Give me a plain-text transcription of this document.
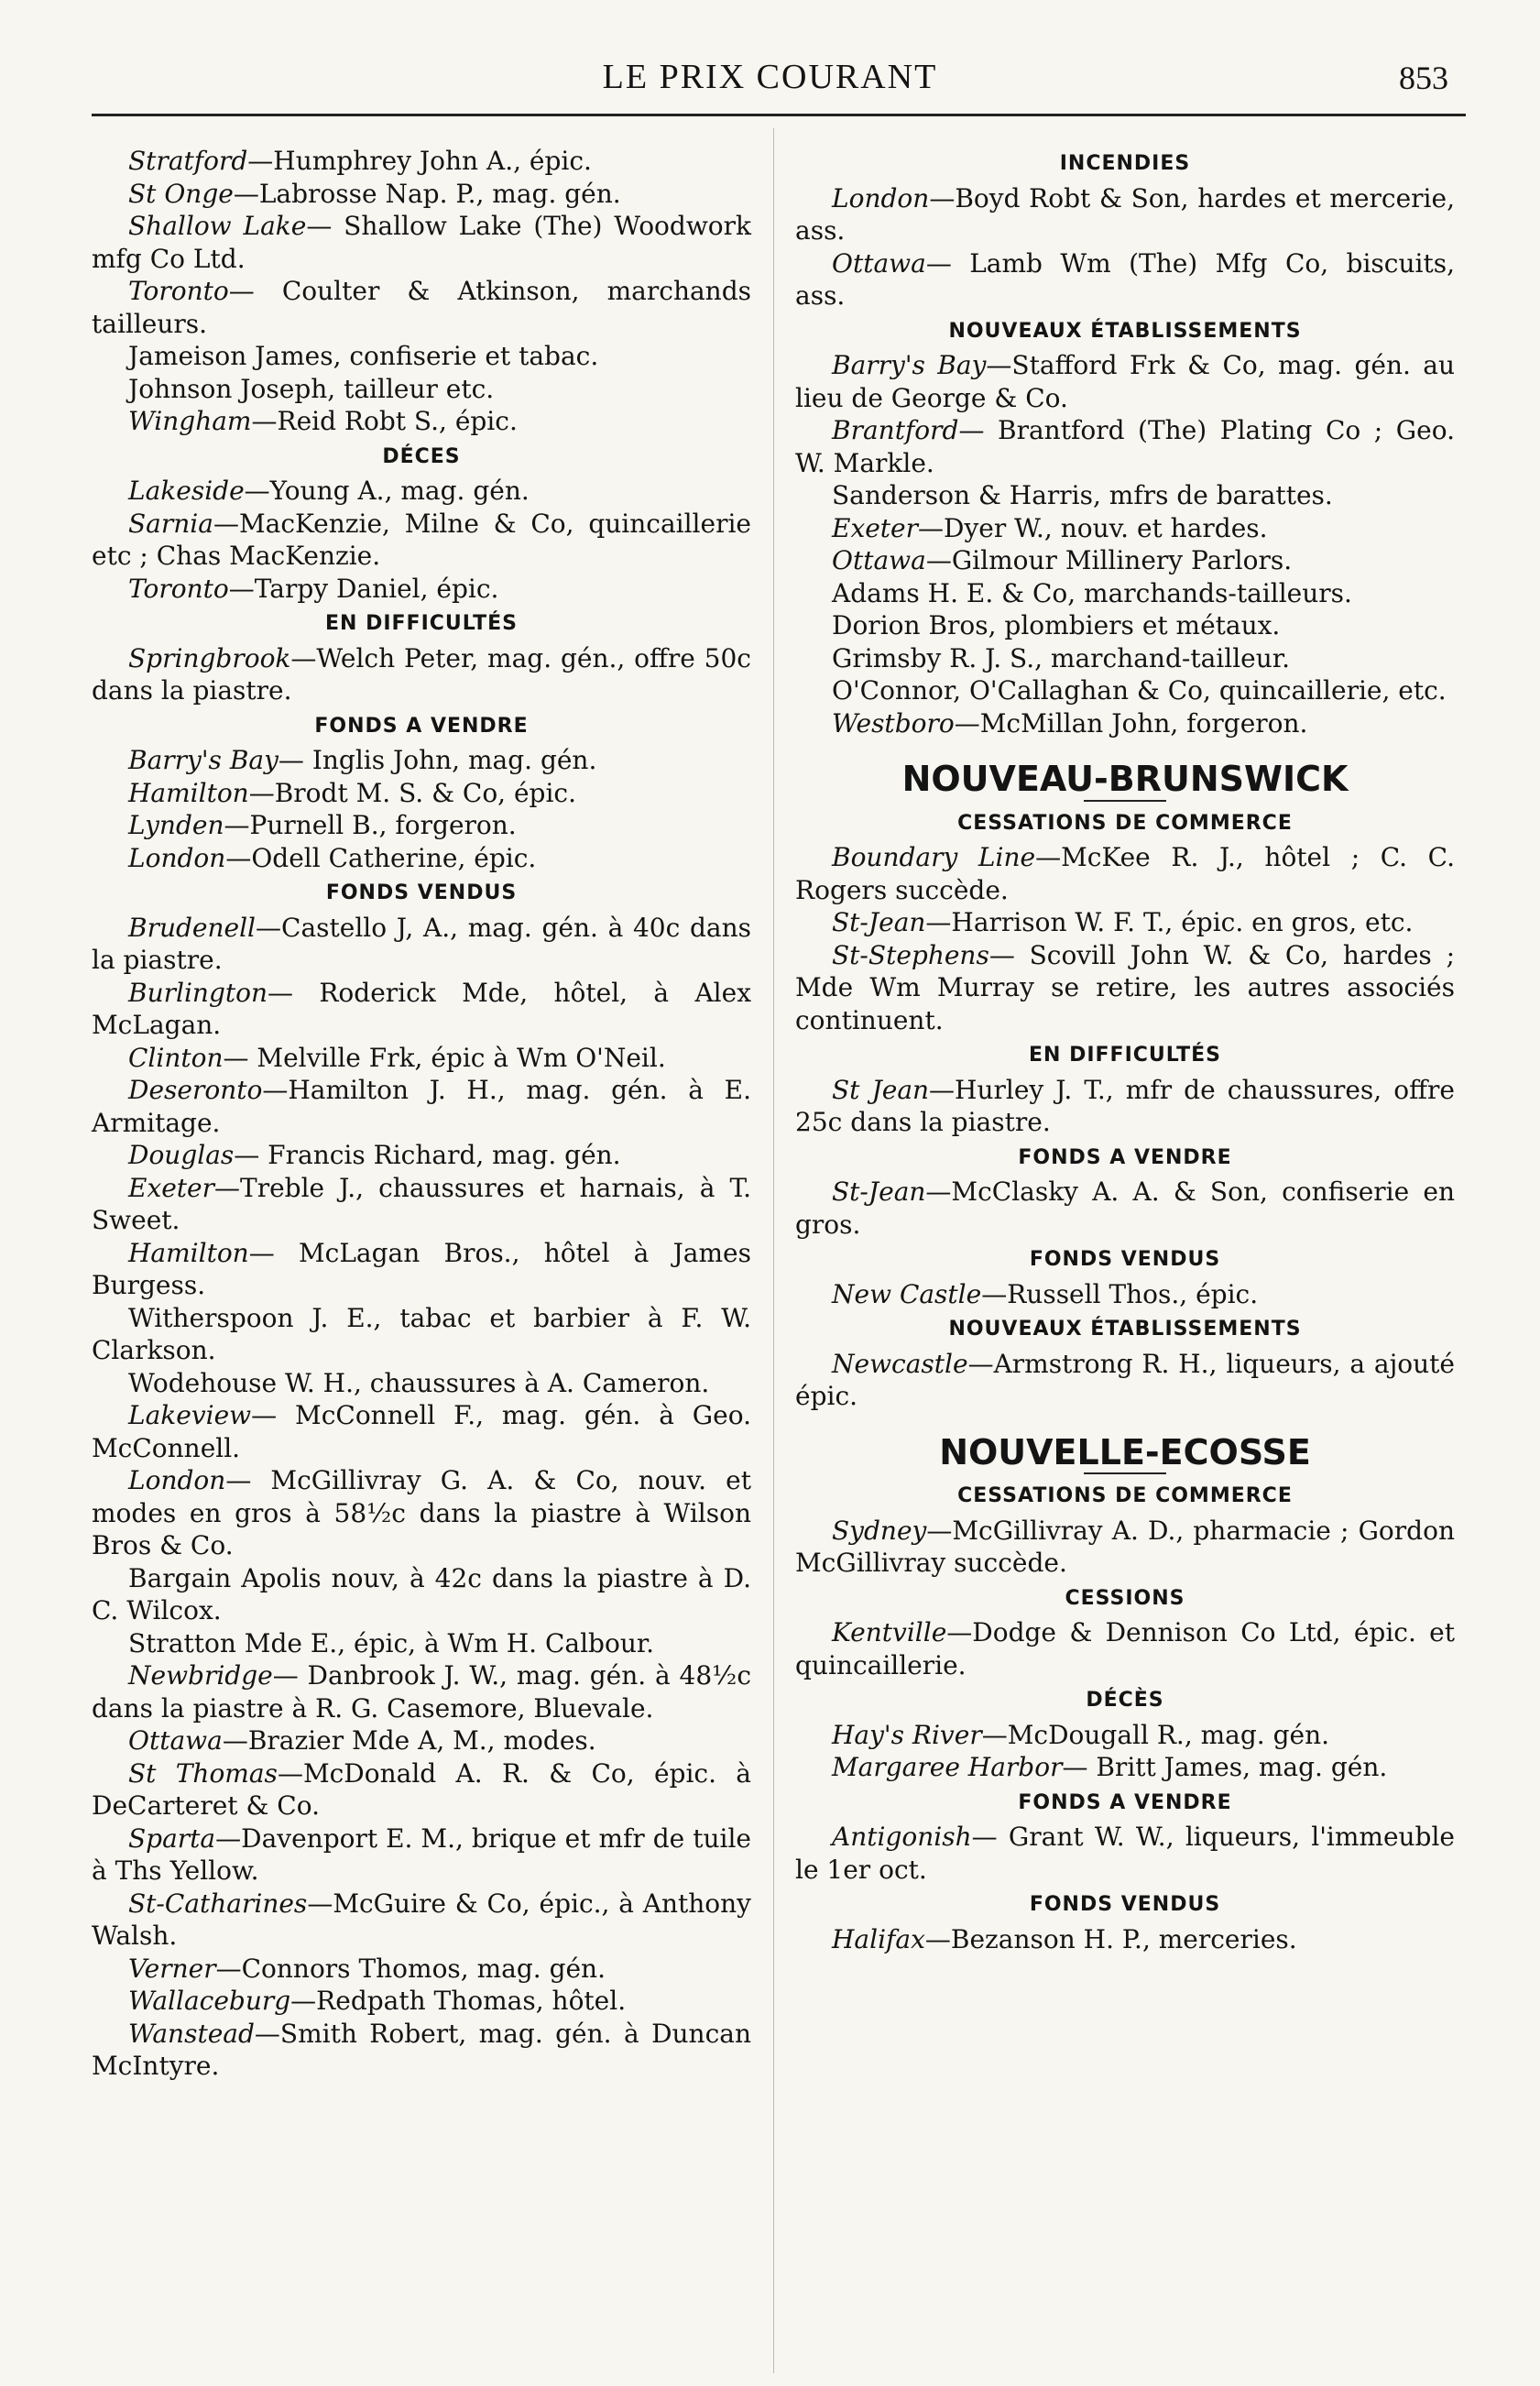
LE PRIX COURANT	853

Stratford—Humphrey John A., épic.

St Onge—Labrosse Nap. P., mag. gén.

Shallow Lake— Shallow Lake (The) Woodwork mfg Co Ltd.

Toronto— Coulter & Atkinson, marchands tailleurs.

Jameison James, confiserie et tabac.

Johnson Joseph, tailleur etc.

Wingham—Reid Robt S., épic.

DÉCES

Lakeside—Young A., mag. gén.

Sarnia—MacKenzie, Milne & Co, quincaillerie etc ; Chas MacKenzie.

Toronto—Tarpy Daniel, épic.

EN DIFFICULTÉS

Springbrook—Welch Peter, mag. gén., offre 50c dans la piastre.

FONDS A VENDRE

Barry's Bay— Inglis John, mag. gén.

Hamilton—Brodt M. S. & Co, épic.

Lynden—Purnell B., forgeron.

London—Odell Catherine, épic.

FONDS VENDUS

Brudenell—Castello J, A., mag. gén. à 40c dans la piastre.

Burlington— Roderick Mde, hôtel, à Alex McLagan.

Clinton— Melville Frk, épic à Wm O'Neil.

Deseronto—Hamilton J. H., mag. gén. à E. Armitage.

Douglas— Francis Richard, mag. gén.

Exeter—Treble J., chaussures et harnais, à T. Sweet.

Hamilton— McLagan Bros., hôtel à James Burgess.

Witherspoon J. E., tabac et barbier à F. W. Clarkson.

Wodehouse W. H., chaussures à A. Cameron.

Lakeview— McConnell F., mag. gén. à Geo. McConnell.

London— McGillivray G. A. & Co, nouv. et modes en gros à 58½c dans la piastre à Wilson Bros & Co.

Bargain Apolis nouv, à 42c dans la piastre à D. C. Wilcox.

Stratton Mde E., épic, à Wm H. Calbour.

Newbridge— Danbrook J. W., mag. gén. à 48½c dans la piastre à R. G. Casemore, Bluevale.

Ottawa—Brazier Mde A, M., modes.

St Thomas—McDonald A. R. & Co, épic. à DeCarteret & Co.

Sparta—Davenport E. M., brique et mfr de tuile à Ths Yellow.

St-Catharines—McGuire & Co, épic., à Anthony Walsh.

Verner—Connors Thomos, mag. gén.

Wallaceburg—Redpath Thomas, hôtel.

Wanstead—Smith Robert, mag. gén. à Duncan McIntyre.

INCENDIES

London—Boyd Robt & Son, hardes et mercerie, ass.

Ottawa— Lamb Wm (The) Mfg Co, biscuits, ass.

NOUVEAUX ÉTABLISSEMENTS

Barry's Bay—Stafford Frk & Co, mag. gén. au lieu de George & Co.

Brantford— Brantford (The) Plating Co ; Geo. W. Markle.

Sanderson & Harris, mfrs de barattes.

Exeter—Dyer W., nouv. et hardes.

Ottawa—Gilmour Millinery Parlors.

Adams H. E. & Co, marchands-tailleurs.

Dorion Bros, plombiers et métaux.

Grimsby R. J. S., marchand-tailleur.

O'Connor, O'Callaghan & Co, quincaillerie, etc.

Westboro—McMillan John, forgeron.

NOUVEAU-BRUNSWICK
CESSATIONS DE COMMERCE

Boundary Line—McKee R. J., hôtel ; C. C. Rogers succède.

St-Jean—Harrison W. F. T., épic. en gros, etc.

St-Stephens— Scovill John W. & Co, hardes ; Mde Wm Murray se retire, les autres associés continuent.

EN DIFFICULTÉS

St Jean—Hurley J. T., mfr de chaussures, offre 25c dans la piastre.

FONDS A VENDRE

St-Jean—McClasky A. A. & Son, confiserie en gros.

FONDS VENDUS

New Castle—Russell Thos., épic.

NOUVEAUX ÉTABLISSEMENTS

Newcastle—Armstrong R. H., liqueurs, a ajouté épic.

NOUVELLE-ECOSSE
CESSATIONS DE COMMERCE

Sydney—McGillivray A. D., pharmacie ; Gordon McGillivray succède.

CESSIONS

Kentville—Dodge & Dennison Co Ltd, épic. et quincaillerie.

DÉCÈS

Hay's River—McDougall R., mag. gén.

Margaree Harbor— Britt James, mag. gén.

FONDS A VENDRE

Antigonish— Grant W. W., liqueurs, l'immeuble le 1er oct.

FONDS VENDUS

Halifax—Bezanson H. P., merceries.
